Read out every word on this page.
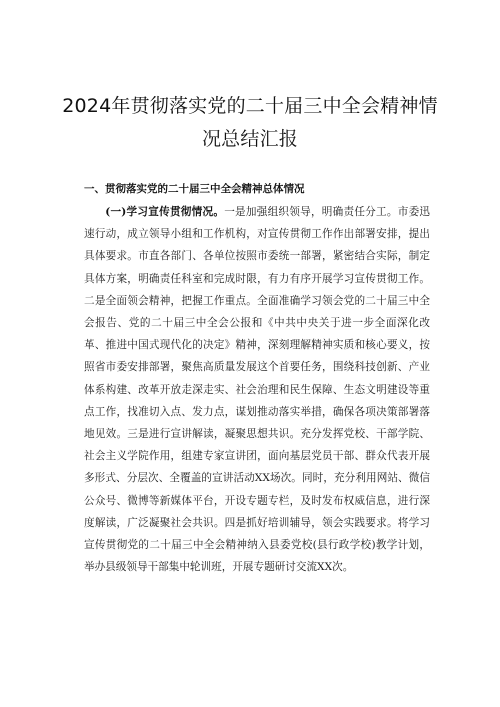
2024年贯彻落实党的二十届三中全会精神情况总结汇报
一、贯彻落实党的二十届三中全会精神总体情况

(一)学习宣传贯彻情况。一是加强组织领导，明确责任分工。市委迅速行动，成立领导小组和工作机构，对宣传贯彻工作作出部署安排，提出具体要求。市直各部门、各单位按照市委统一部署，紧密结合实际，制定具体方案，明确责任科室和完成时限，有力有序开展学习宣传贯彻工作。二是全面领会精神，把握工作重点。全面准确学习领会党的二十届三中全会报告、党的二十届三中全会公报和《中共中央关于进一步全面深化改革、推进中国式现代化的决定》精神，深刻理解精神实质和核心要义，按照省市委安排部署，聚焦高质量发展这个首要任务，围绕科技创新、产业体系构建、改革开放走深走实、社会治理和民生保障、生态文明建设等重点工作，找准切入点、发力点，谋划推动落实举措，确保各项决策部署落地见效。三是进行宣讲解读，凝聚思想共识。充分发挥党校、干部学院、社会主义学院作用，组建专家宣讲团，面向基层党员干部、群众代表开展多形式、分层次、全覆盖的宣讲活动XX场次。同时，充分利用网站、微信公众号、微博等新媒体平台，开设专题专栏，及时发布权威信息，进行深度解读，广泛凝聚社会共识。四是抓好培训辅导，领会实践要求。将学习宣传贯彻党的二十届三中全会精神纳入县委党校(县行政学校)教学计划，举办县级领导干部集中轮训班，开展专题研讨交流XX次。
